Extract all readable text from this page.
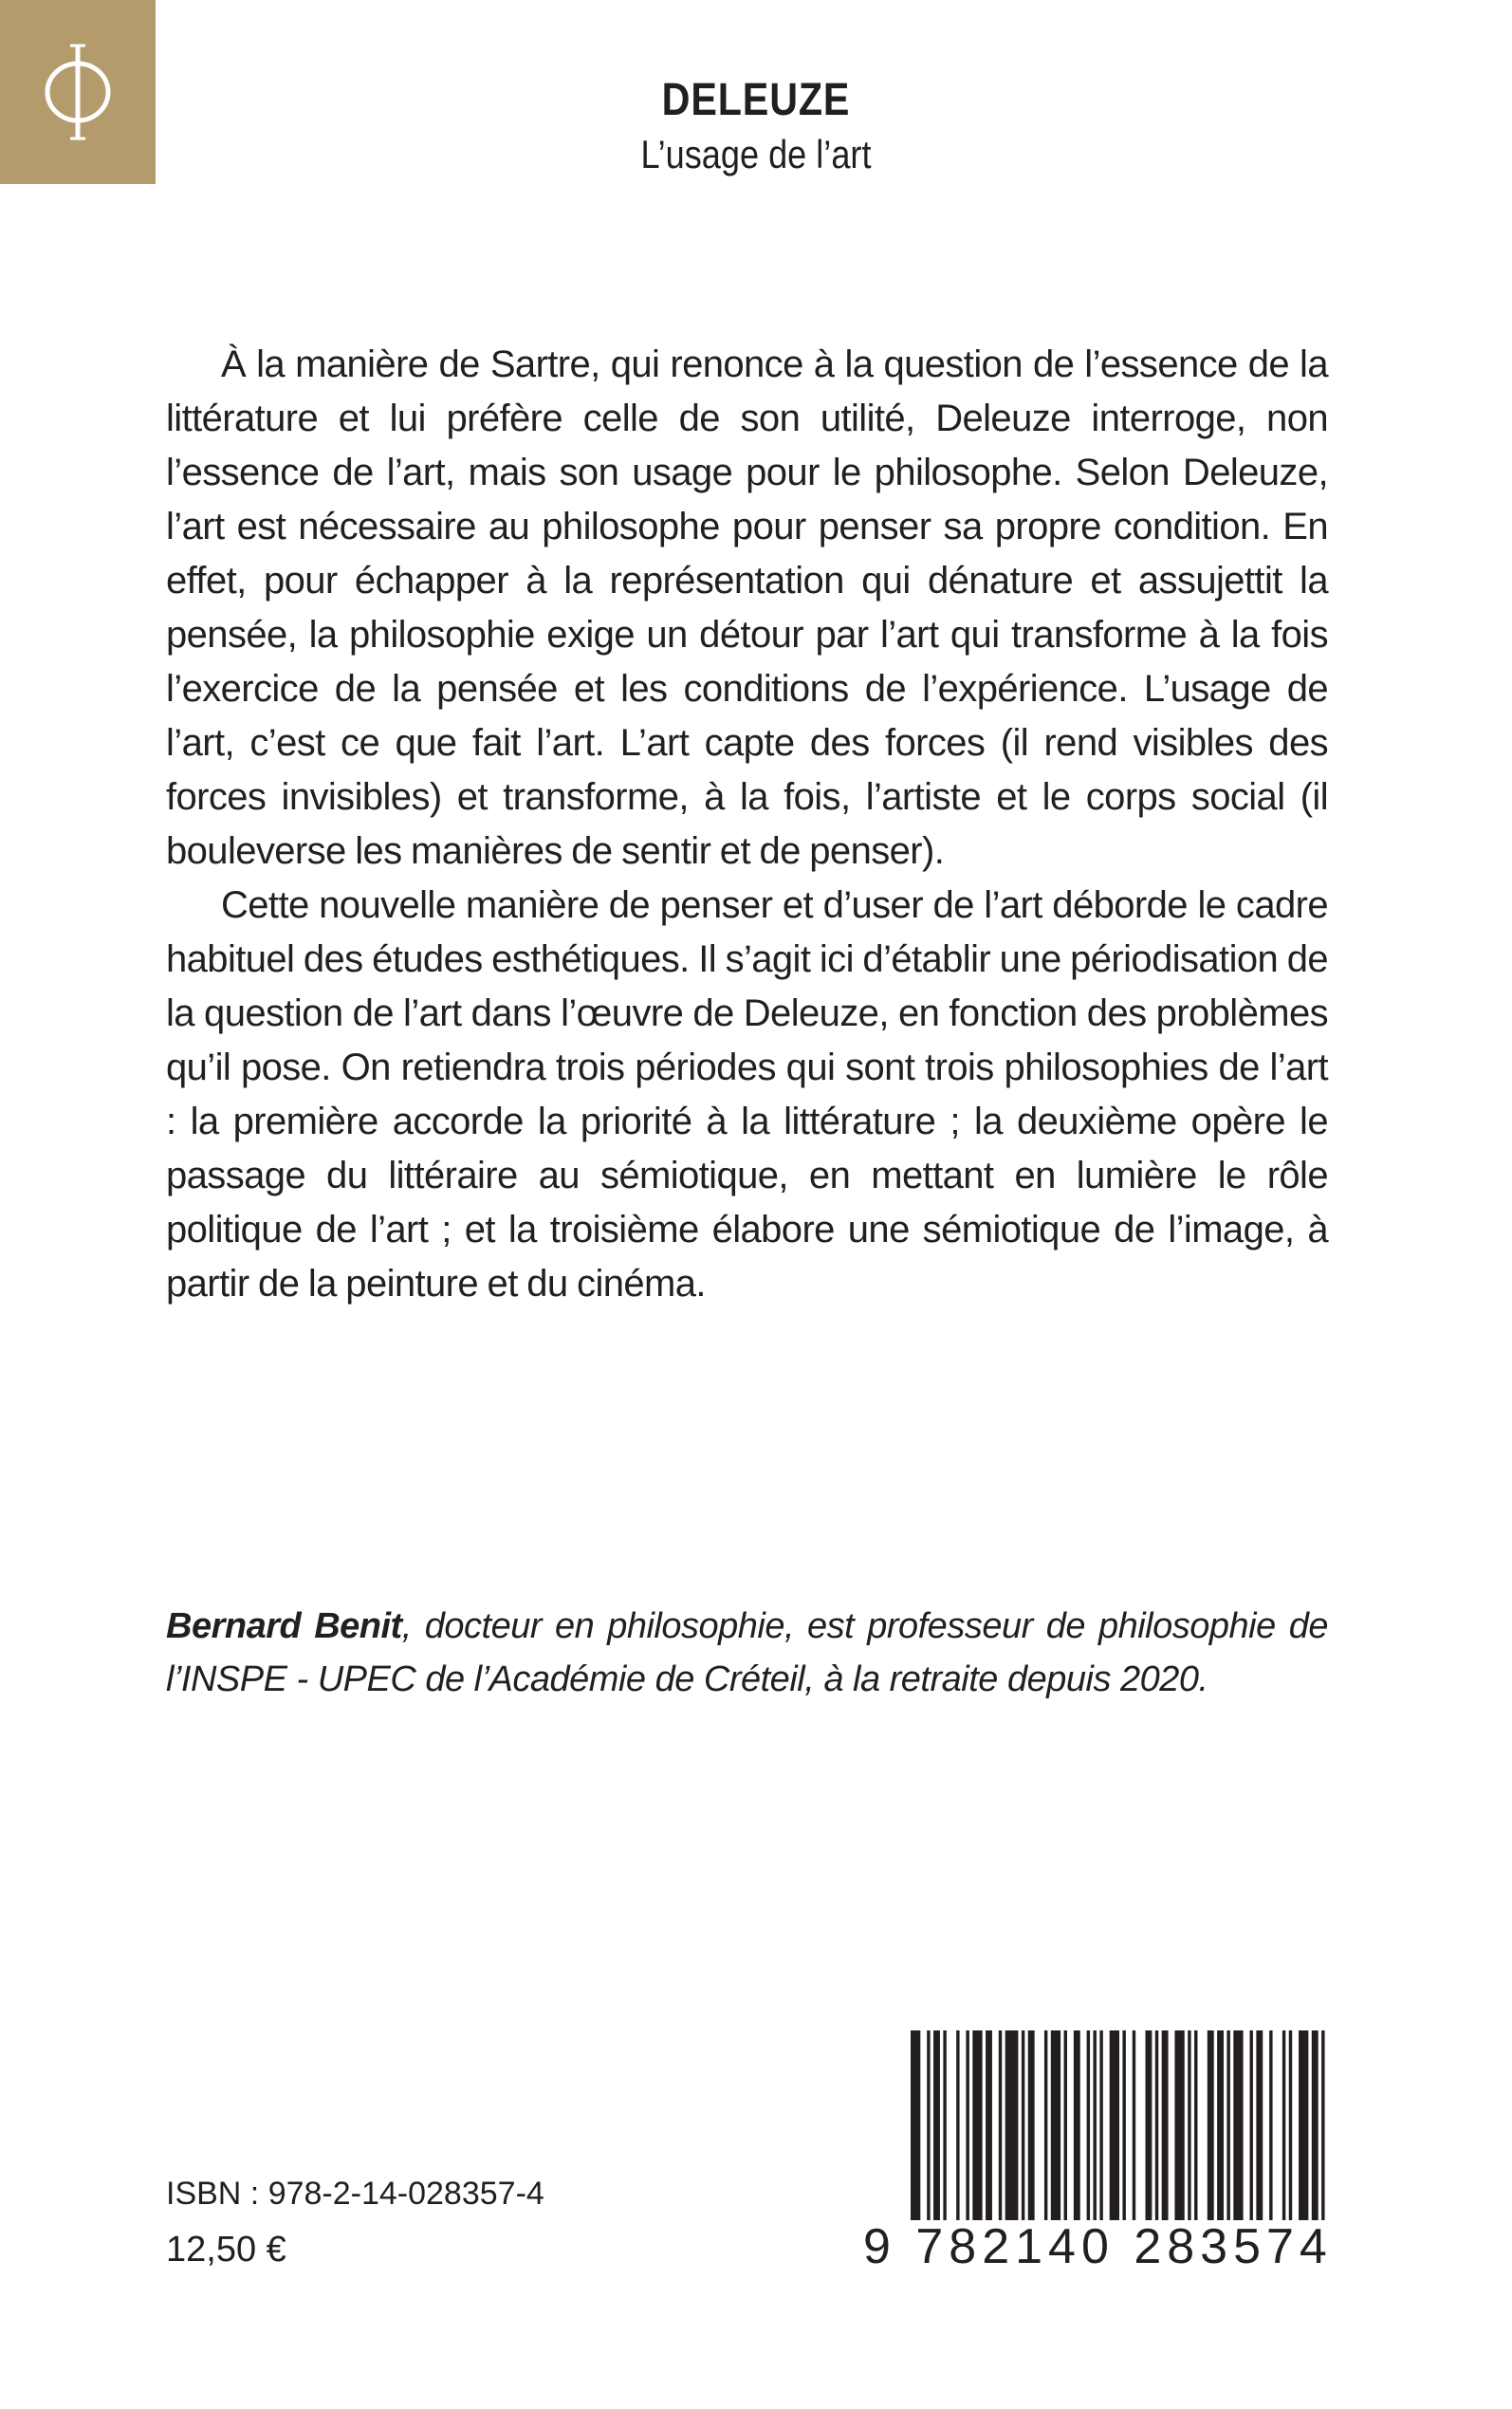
DELEUZE
L’usage de l’art

À la manière de Sartre, qui renonce à la question de l’essence de la littérature et lui préfère celle de son utilité, Deleuze interroge, non l’essence de l’art, mais son usage pour le philosophe. Selon Deleuze, l’art est nécessaire au philosophe pour penser sa propre condition. En effet, pour échapper à la représentation qui dénature et assujettit la pensée, la philosophie exige un détour par l’art qui transforme à la fois l’exercice de la pensée et les conditions de l’expérience. L’usage de l’art, c’est ce que fait l’art. L’art capte des forces (il rend visibles des forces invisibles) et transforme, à la fois, l’artiste et le corps social (il bouleverse les manières de sentir et de penser).

Cette nouvelle manière de penser et d’user de l’art déborde le cadre habituel des études esthétiques. Il s’agit ici d’établir une périodisation de la question de l’art dans l’œuvre de Deleuze, en fonction des problèmes qu’il pose. On retiendra trois périodes qui sont trois philosophies de l’art : la première accorde la priorité à la littérature ; la deuxième opère le passage du littéraire au sémiotique, en mettant en lumière le rôle politique de l’art ; et la troisième élabore une sémiotique de l’image, à partir de la peinture et du cinéma.

Bernard Benit, docteur en philosophie, est professeur de philosophie de l’INSPE - UPEC de l’Académie de Créteil, à la retraite depuis 2020.
ISBN : 978-2-14-028357-4
12,50 €	9 782140 283574
